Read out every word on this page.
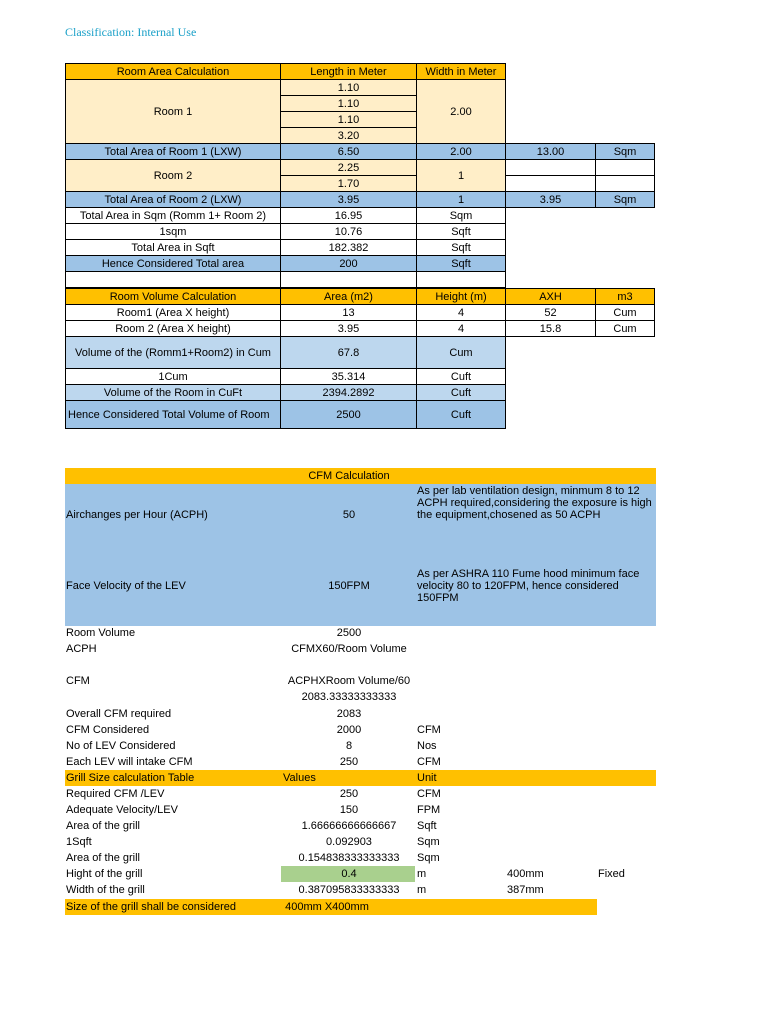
Classification: Internal Use
Room Area Calculation	Length in Meter	Width in Meter		
Room 1	1.10	2.00		
	1.10			
	1.10			
	3.20			
Total Area of Room 1 (LXW)	6.50	2.00	13.00	Sqm
Room 2	2.25	1		
	1.70			
Total Area of Room 2 (LXW)	3.95	1	3.95	Sqm
Total Area in Sqm (Romm 1+ Room 2)	16.95	Sqm		
1sqm	10.76	Sqft		
Total Area in Sqft	182.382	Sqft		
Hence Considered Total area	200	Sqft		

Room Volume Calculation	Area (m2)	Height (m)	AXH	m3
Room1 (Area X height)	13	4	52	Cum
Room 2 (Area X height)	3.95	4	15.8	Cum
Volume of the (Romm1+Room2) in Cum	67.8	Cum		
1Cum	35.314	Cuft		
Volume of the Room in CuFt	2394.2892	Cuft		
Hence Considered Total Volume of Room	2500	Cuft		
CFM Calculation
Airchanges per Hour (ACPH)	50
As per lab ventilation design, minmum 8 to 12 ACPH required,considering the exposure is high the equipment,chosened as 50 ACPH
Face Velocity of the LEV	150FPM
As per ASHRA 110 Fume hood minimum face velocity 80 to 120FPM, hence considered 150FPM
Room Volume	2500
ACPH	CFMX60/Room Volume
CFM	ACPHXRoom Volume/60
2083.33333333333
Overall CFM required	2083
CFM Considered	2000	CFM
No of LEV Considered	8	Nos
Each LEV will intake CFM	250	CFM
Grill Size calculation Table	Values	Unit
Required CFM /LEV	250	CFM
Adequate Velocity/LEV	150	FPM
Area of the grill	1.66666666666667	Sqft
1Sqft	0.092903	Sqm
Area of the grill	0.154838333333333	Sqm
Hight of the grill	0.4	m	400mm	Fixed
Width of the grill	0.387095833333333	m	387mm
Size of the grill shall be considered	400mm X400mm
